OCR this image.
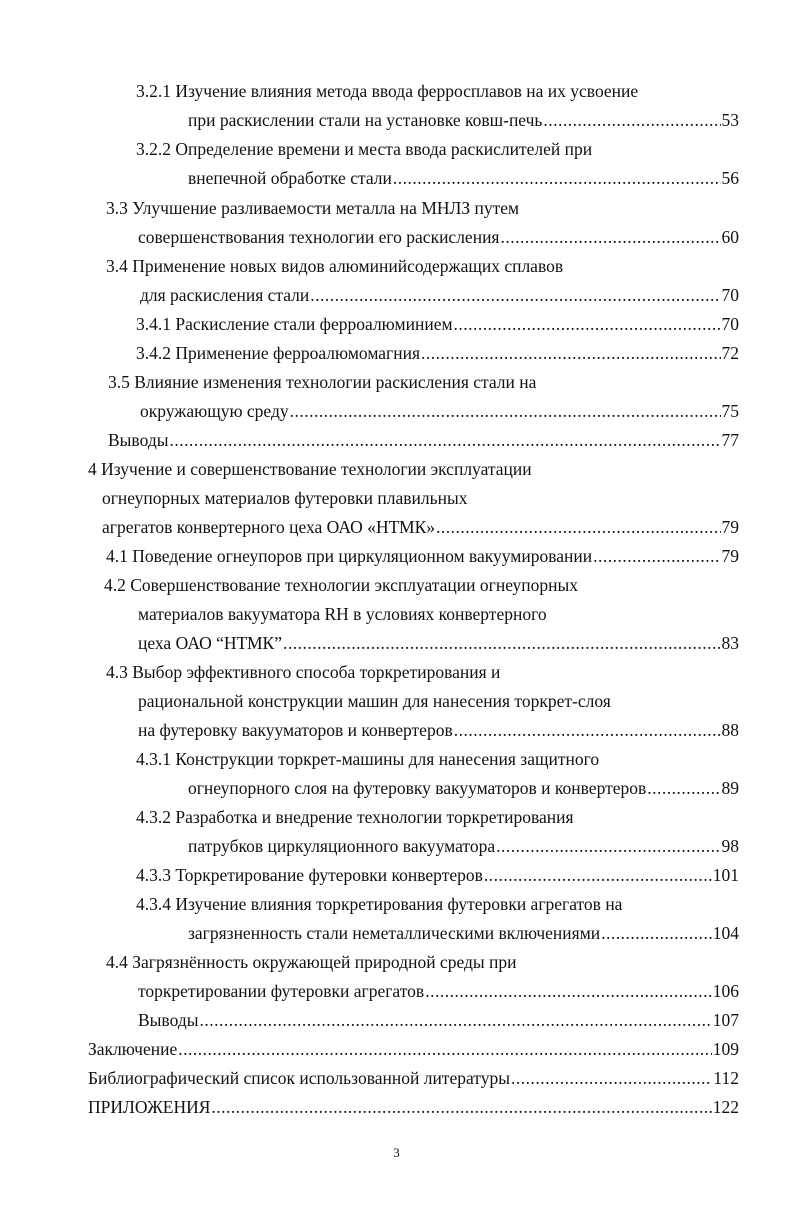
3.2.1 Изучение влияния метода ввода ферросплавов на их усвоение
при раскислении стали на установке ковш-печь .....	53
3.2.2 Определение времени и места ввода раскислителей при
внепечной обработке стали .....	56
3.3 Улучшение разливаемости металла на МНЛЗ путем
совершенствования технологии его раскисления .....	60
3.4 Применение новых видов алюминийсодержащих сплавов
для раскисления стали .....	70
3.4.1 Раскисление стали ферроалюминием .....	70
3.4.2 Применение ферроалюмомагния .....	72
3.5 Влияние изменения технологии раскисления стали на
окружающую среду .....	75
Выводы .....	77
4 Изучение и совершенствование технологии эксплуатации
огнеупорных материалов футеровки плавильных
агрегатов конвертерного цеха ОАО «НТМК» .....	79
4.1 Поведение огнеупоров при циркуляционном вакуумировании .....	79
4.2 Совершенствование технологии эксплуатации огнеупорных
материалов вакууматора RH в условиях конвертерного
цеха ОАО “НТМК” .....	83
4.3 Выбор эффективного способа торкретирования и
рациональной конструкции машин для нанесения торкрет-слоя
на футеровку вакууматоров и конвертеров .....	88
4.3.1 Конструкции торкрет-машины для нанесения защитного
огнеупорного слоя на футеровку вакууматоров и конвертеров .....	89
4.3.2 Разработка и внедрение технологии торкретирования
патрубков циркуляционного вакууматора .....	98
4.3.3 Торкретирование футеровки конвертеров .....	101
4.3.4 Изучение влияния торкретирования футеровки агрегатов на
загрязненность стали неметаллическими включениями .....	104
4.4 Загрязнённость окружающей природной среды при
торкретировании футеровки агрегатов .....	106
Выводы .....	107
Заключение .....	109
Библиографический список использованной литературы .....	112
ПРИЛОЖЕНИЯ .....	122
3
